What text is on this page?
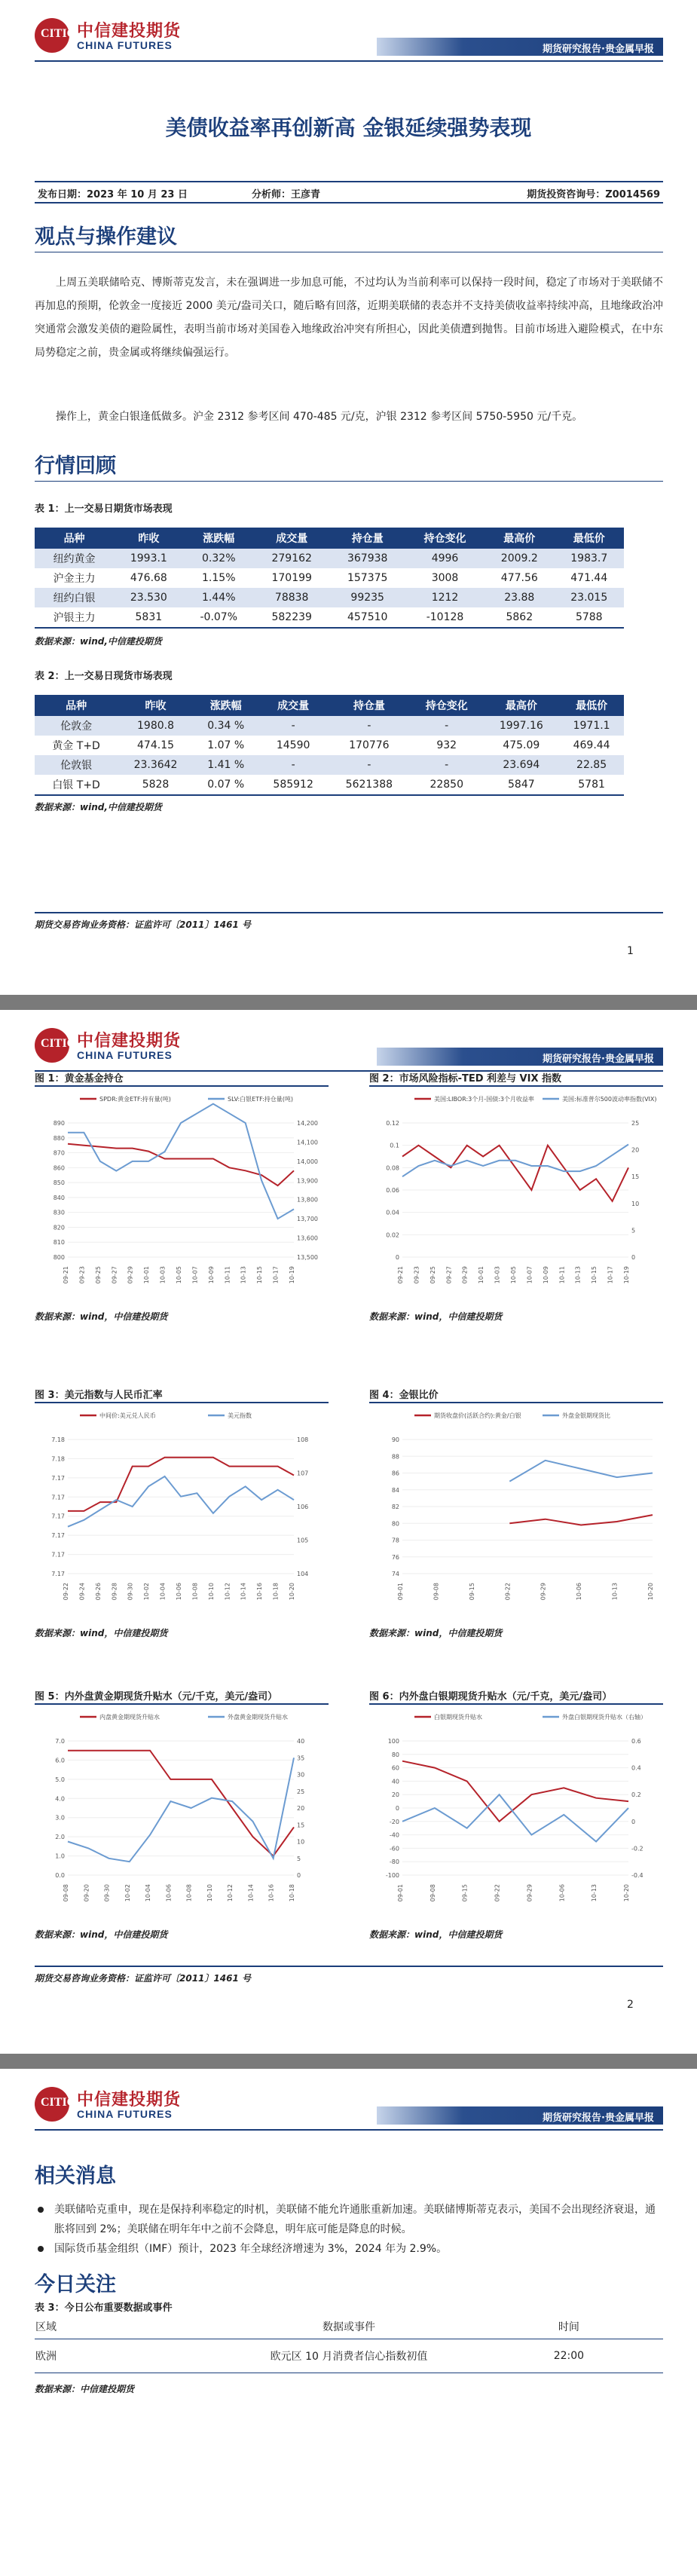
CITIC 中信建投期货
CHINA FUTURES	期货研究报告·贵金属早报
美债收益率再创新高 金银延续强势表现
发布日期：2023 年 10 月 23 日	分析师：王彦青	期货投资咨询号：Z0014569
观点与操作建议
上周五美联储哈克、博斯蒂克发言，未在强调进一步加息可能，不过均认为当前利率可以保持一段时间，稳定了市场对于美联储不再加息的预期，伦敦金一度接近 2000 美元/盎司关口，随后略有回落，近期美联储的表态并不支持美债收益率持续冲高，且地缘政治冲突通常会激发美债的避险属性，表明当前市场对美国卷入地缘政治冲突有所担心，因此美债遭到抛售。目前市场进入避险模式，在中东局势稳定之前，贵金属或将继续偏强运行。
操作上，黄金白银逢低做多。沪金 2312 参考区间 470-485 元/克，沪银 2312 参考区间 5750-5950 元/千克。
行情回顾
表 1：上一交易日期货市场表现
品种	昨收	涨跌幅	成交量	持仓量	持仓变化	最高价	最低价
纽约黄金	1993.1	0.32%	279162	367938	4996	2009.2	1983.7
沪金主力	476.68	1.15%	170199	157375	3008	477.56	471.44
纽约白银	23.530	1.44%	78838	99235	1212	23.88	23.015
沪银主力	5831	-0.07%	582239	457510	-10128	5862	5788
数据来源：wind,中信建投期货
表 2：上一交易日现货市场表现
品种	昨收	涨跌幅	成交量	持仓量	持仓变化	最高价	最低价
伦敦金	1980.8	0.34 %	-	-	-	1997.16	1971.1
黄金 T+D	474.15	1.07 %	14590	170776	932	475.09	469.44
伦敦银	23.3642	1.41 %	-	-	-	23.694	22.85
白银 T+D	5828	0.07 %	585912	5621388	22850	5847	5781
数据来源：wind,中信建投期货
期货交易咨询业务资格：证监许可〔2011〕1461 号
1
CITIC 中信建投期货
CHINA FUTURES	期货研究报告·贵金属早报
图 1：黄金基金持仓
SPDR:黄金ETF:持有量(吨)	SLV:白银ETF:持仓量(吨)
890
880
870
860
850
840
830
820
810
800
14,200
14,100
14,000
13,900
13,800
13,700
13,600
13,500
09-21 09-23 09-25 09-27 09-29 10-01 10-03 10-05 10-07 10-09 10-11 10-13 10-15 10-17 10-19
数据来源：wind，中信建投期货
图 2：市场风险指标-TED 利差与 VIX 指数
美国:LIBOR:3个月-国债:3个月收益率	美国:标准普尔500波动率指数(VIX)
0.12
0.1
0.08
0.06
0.04
0.02
0
25
20
15
10
5
0
09-21 09-23 09-25 09-27 09-29 10-01 10-03 10-05 10-07 10-09 10-11 10-13 10-15 10-17 10-19
数据来源：wind，中信建投期货
图 3：美元指数与人民币汇率
中间价:美元兑人民币	美元指数
7.18
7.18
7.17
7.17
7.17
7.17
7.17
7.17
108
107
106
105
104
09-22 09-24 09-26 09-28 09-30 10-02 10-04 10-06 10-08 10-10 10-12 10-14 10-16 10-18 10-20
数据来源：wind，中信建投期货
图 4：金银比价
期货收盘价(活跃合约):黄金/白银	外盘金银期现货比
90
88
86
84
82
80
78
76
74
09-01	09-08	09-15	09-22	09-29	10-06	10-13	10-20
数据来源：wind，中信建投期货
图 5：内外盘黄金期现货升贴水（元/千克，美元/盎司）
内盘黄金期现货升贴水	外盘黄金期现货升贴水
7.0
6.0
5.0
4.0
3.0
2.0
1.0
0.0
40
35
30
25
20
15
10
5
0
09-08 09-20 09-30 10-02 10-04 10-06 10-08 10-10 10-12 10-14 10-16 10-18
数据来源：wind，中信建投期货
图 6：内外盘白银期现货升贴水（元/千克，美元/盎司）
白银期现货升贴水	外盘白银期现货升贴水（右轴）
100
80
60
40
20
0
-20
-40
-60
-80
-100
0.6
0.4
0.2
0
-0.2
-0.4
09-01	09-08	09-15	09-22	09-29	10-06	10-13	10-20
数据来源：wind，中信建投期货
期货交易咨询业务资格：证监许可〔2011〕1461 号
2
CITIC 中信建投期货
CHINA FUTURES	期货研究报告·贵金属早报
相关消息
美联储哈克重申，现在是保持利率稳定的时机，美联储不能允许通胀重新加速。美联储博斯蒂克表示，美国不会出现经济衰退，通胀将回到 2%；美联储在明年年中之前不会降息，明年底可能是降息的时候。
国际货币基金组织（IMF）预计，2023 年全球经济增速为 3%，2024 年为 2.9%。
今日关注
表 3：今日公布重要数据或事件
区域	数据或事件	时间
欧洲	欧元区 10 月消费者信心指数初值	22:00
数据来源：中信建投期货
